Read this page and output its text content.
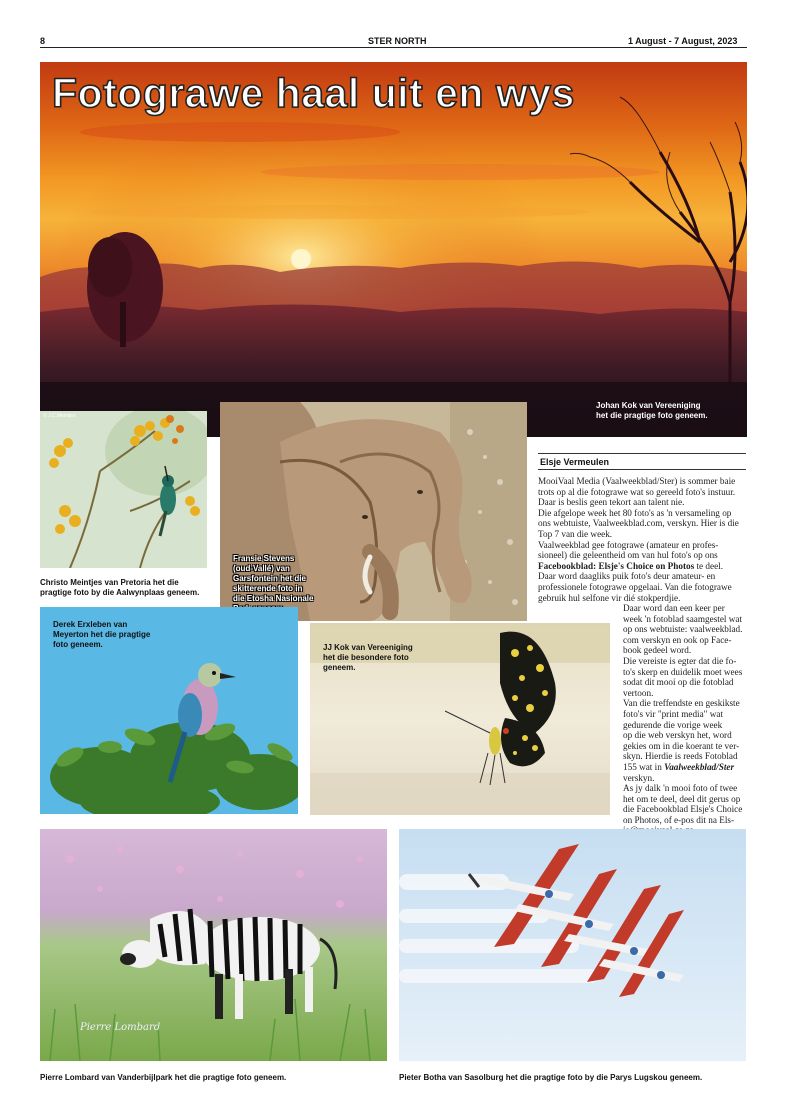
8	STER NORTH	1 August - 7 August, 2023
Fotograwe haal uit en wys
Johan Kok van Vereeniging
het die pragtige foto geneem.
© J.C.Meintjes
Christo Meintjes van Pretoria het die
pragtige foto by die Aalwynplaas geneem.
Fransie Stevens
(oud-Vallé) van
Garsfontein het die
skitterende foto in
die Etosha Nasionale
Derek Erxleben van
Meyerton het die pragtige
foto geneem.	JJ Kok van Vereeniging
het die besondere foto
geneem.
Elsje Vermeulen

MooiVaal Media (Vaalweekblad/Ster) is sommer baie

trots op al die fotograwe wat so gereeld foto's instuur.

Daar is beslis geen tekort aan talent nie.

Die afgelope week het 80 foto's as 'n versameling op

ons webtuiste, Vaalweekblad.com, verskyn. Hier is die

Top 7 van die week.

Vaalweekblad gee fotograwe (amateur en profes-

sioneel) die geleentheid om van hul foto's op ons

Facebookblad: Elsje's Choice on Photos te deel.

Daar word daagliks puik foto's deur amateur- en

professionele fotograwe opgelaai. Van die fotograwe

gebruik hul selfone vir dié stokperdjie.

Daar word dan een keer per

week 'n fotoblad saamgestel wat

op ons webtuiste: vaalweekblad.

com verskyn en ook op Face-

book gedeel word.

Die vereiste is egter dat die fo-

to's skerp en duidelik moet wees

sodat dit mooi op die fotoblad

vertoon.

Van die treffendste en geskikste

foto's vir "print media" wat

gedurende die vorige week

op die web verskyn het, word

gekies om in die koerant te ver-

skyn. Hierdie is reeds Fotoblad

155 wat in Vaalweekblad/Ster

verskyn.

As jy dalk 'n mooi foto of twee

het om te deel, deel dit gerus op

die Facebookblad Elsje's Choice

on Photos, of e-pos dit na Els-

Pierre Lombard
Pierre Lombard van Vanderbijlpark het die pragtige foto geneem.	Pieter Botha van Sasolburg het die pragtige foto by die Parys Lugskou geneem.
